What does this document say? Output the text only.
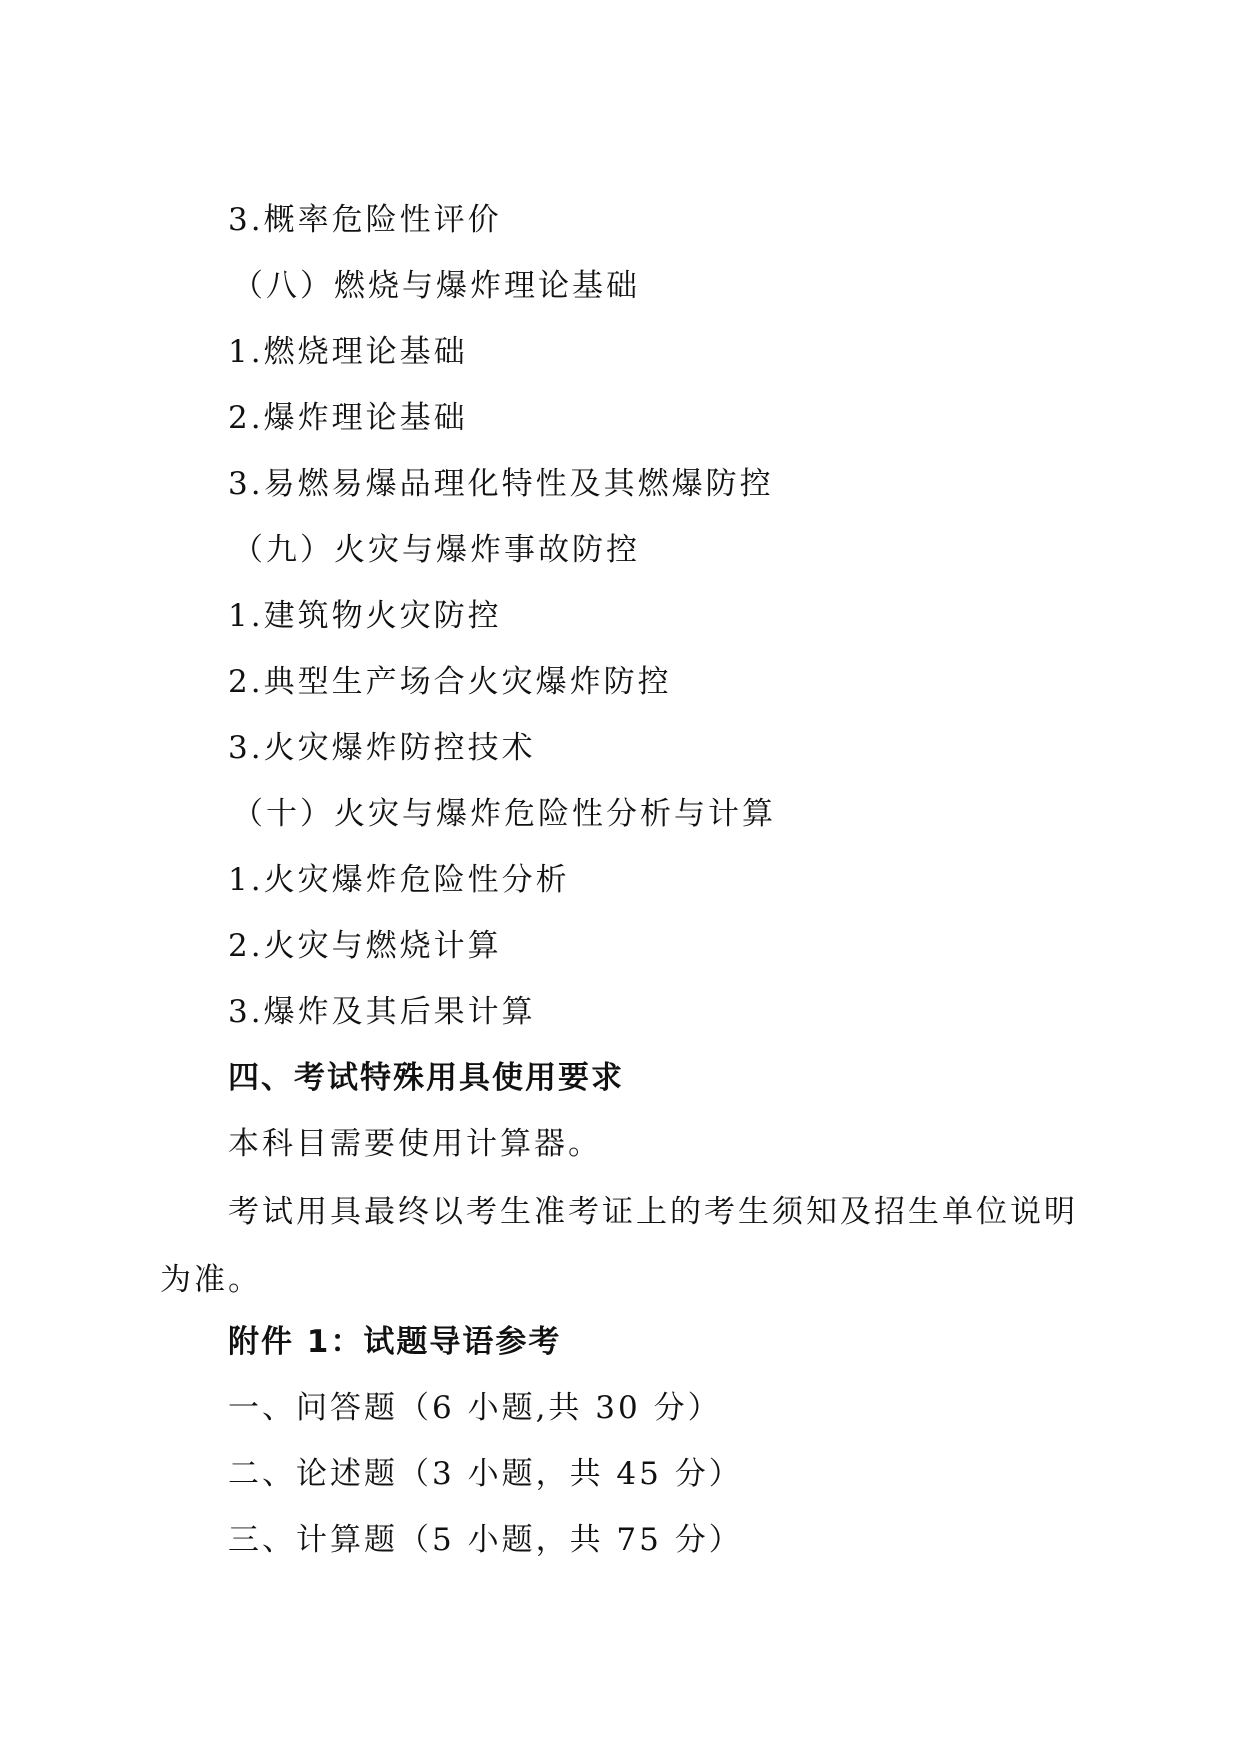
3.概率危险性评价
（八）燃烧与爆炸理论基础
1.燃烧理论基础
2.爆炸理论基础
3.易燃易爆品理化特性及其燃爆防控
（九）火灾与爆炸事故防控
1.建筑物火灾防控
2.典型生产场合火灾爆炸防控
3.火灾爆炸防控技术
（十）火灾与爆炸危险性分析与计算
1.火灾爆炸危险性分析
2.火灾与燃烧计算
3.爆炸及其后果计算
四、考试特殊用具使用要求
本科目需要使用计算器。
考试用具最终以考生准考证上的考生须知及招生单位说明为准。
附件 1：试题导语参考
一、问答题（6 小题,共 30 分）
二、论述题（3 小题，共 45 分）
三、计算题（5 小题，共 75 分）
